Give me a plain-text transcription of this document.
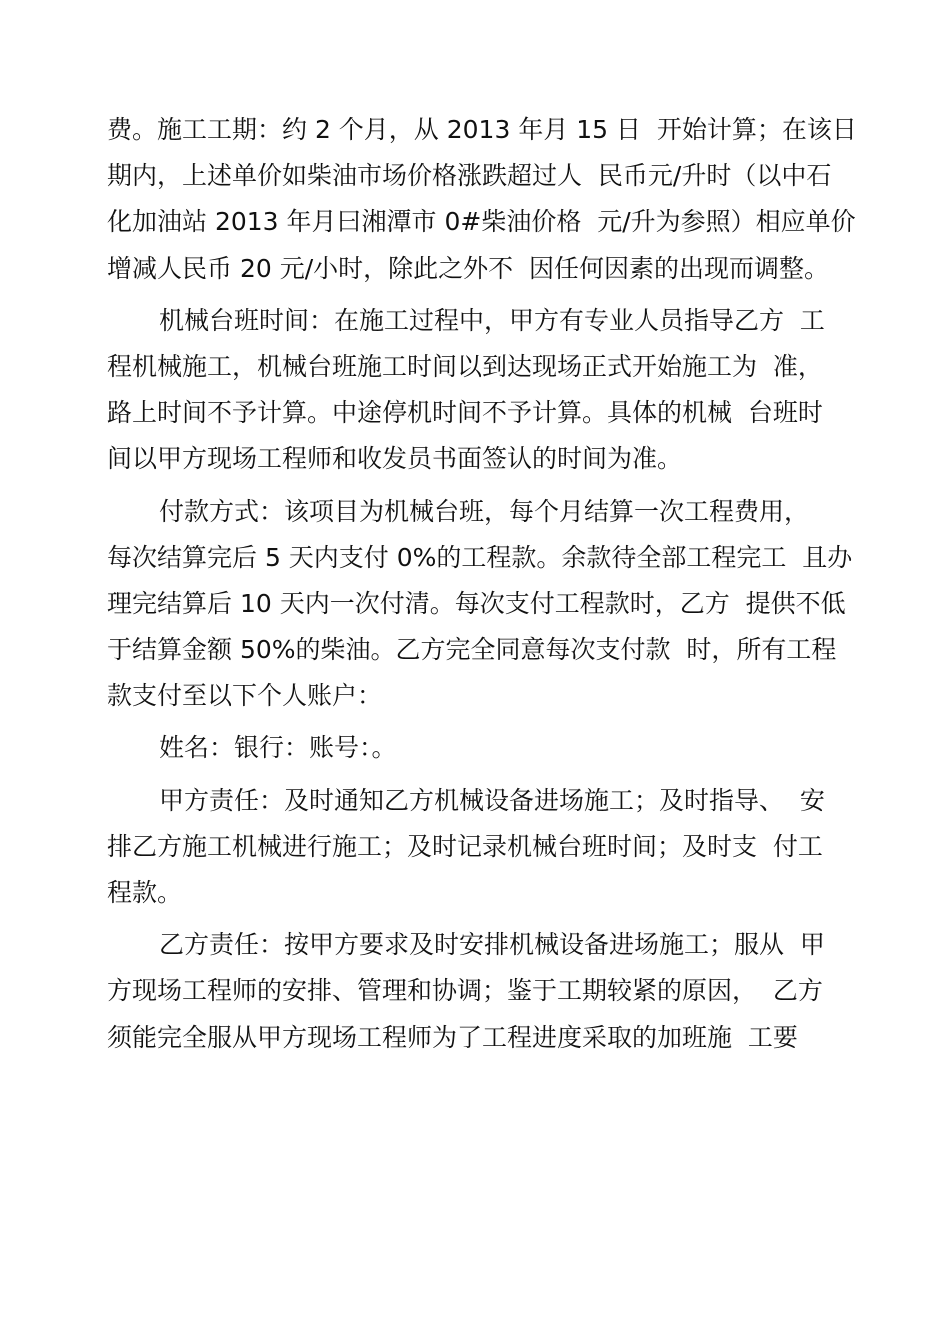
费。施工工期：约 2 个月，从 2013 年月 15 日  开始计算；在该日
期内，上述单价如柴油市场价格涨跌超过人  民币元/升时（以中石
化加油站 2013 年月曰湘潭市 0#柴油价格  元/升为参照）相应单价
增减人民币 20 元/小时，除此之外不  因任何因素的出现而调整。
机械台班时间：在施工过程中，甲方有专业人员指导乙方  工
程机械施工，机械台班施工时间以到达现场正式开始施工为  准，
路上时间不予计算。中途停机时间不予计算。具体的机械  台班时
间以甲方现场工程师和收发员书面签认的时间为准。
付款方式：该项目为机械台班，每个月结算一次工程费用，
每次结算完后 5 天内支付 0%的工程款。余款待全部工程完工  且办
理完结算后 10 天内一次付清。每次支付工程款时，乙方  提供不低
于结算金额 50%的柴油。乙方完全同意每次支付款  时，所有工程
款支付至以下个人账户：
姓名：银行：账号：。
甲方责任：及时通知乙方机械设备进场施工；及时指导、  安
排乙方施工机械进行施工；及时记录机械台班时间；及时支  付工
程款。
乙方责任：按甲方要求及时安排机械设备进场施工；服从  甲
方现场工程师的安排、管理和协调；鉴于工期较紧的原因，  乙方
须能完全服从甲方现场工程师为了工程进度采取的加班施  工要
